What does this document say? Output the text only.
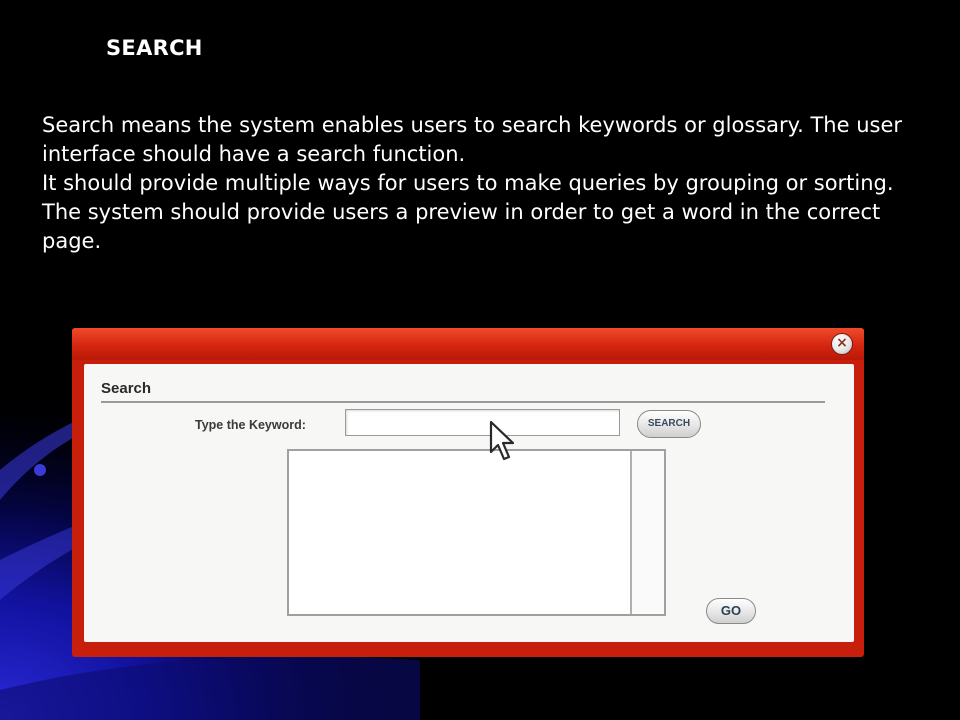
SEARCH

Search means the system enables users to search keywords or glossary. The user interface should have a search function.

It should provide multiple ways for users to make queries by grouping or sorting.

The system should provide users a preview in order to get a word in the correct page.

×
Search
Type the Keyword:	SEARCH
GO
